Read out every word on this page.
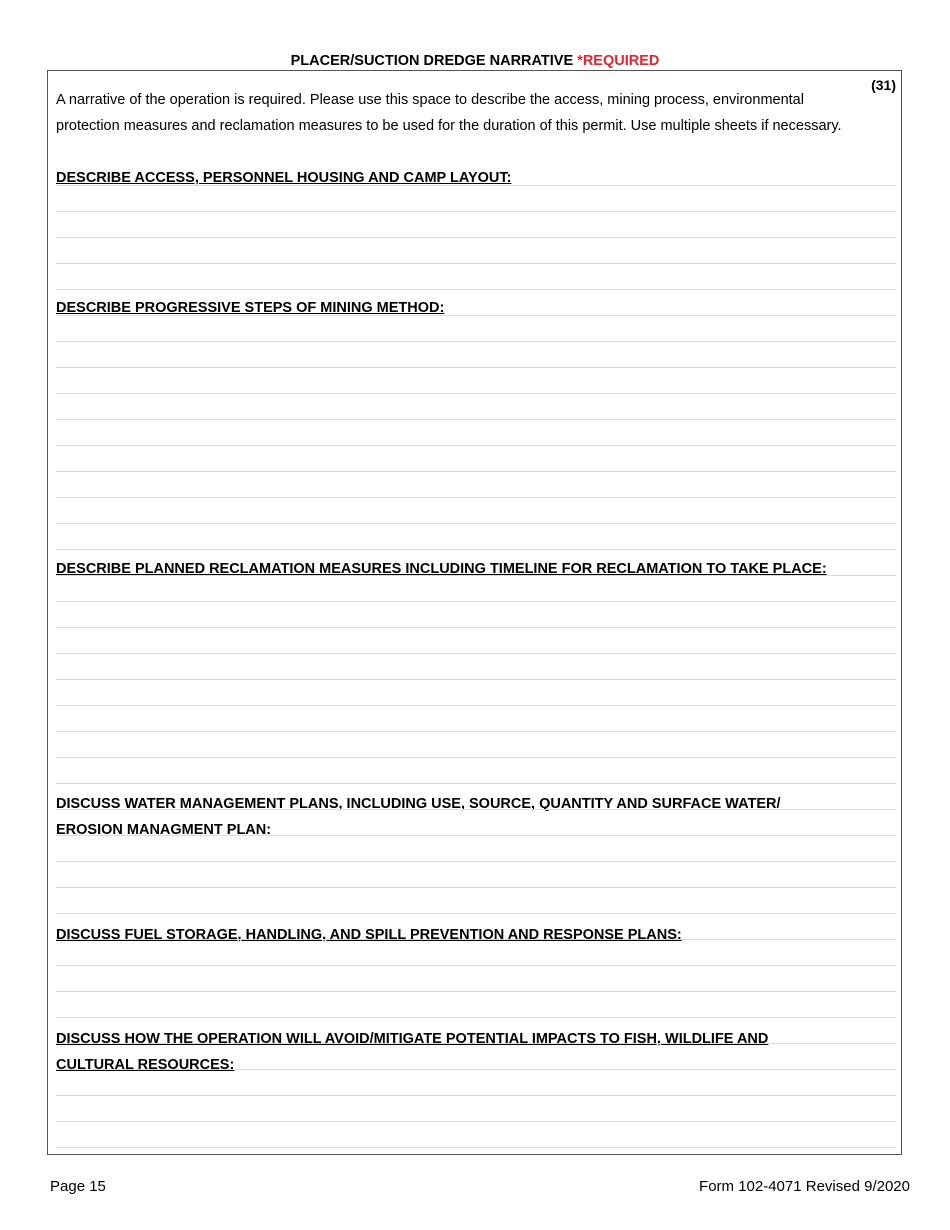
PLACER/SUCTION DREDGE NARRATIVE *REQUIRED
(31)
A narrative of the operation is required. Please use this space to describe the access, mining process, environmental protection measures and reclamation measures to be used for the duration of this permit. Use multiple sheets if necessary.
DESCRIBE ACCESS, PERSONNEL HOUSING AND CAMP LAYOUT:
DESCRIBE PROGRESSIVE STEPS OF MINING METHOD:
DESCRIBE PLANNED RECLAMATION MEASURES INCLUDING TIMELINE FOR RECLAMATION TO TAKE PLACE:
DISCUSS WATER MANAGEMENT PLANS, INCLUDING USE, SOURCE, QUANTITY AND SURFACE WATER/
EROSION MANAGMENT PLAN:
DISCUSS FUEL STORAGE, HANDLING, AND SPILL PREVENTION AND RESPONSE PLANS:
DISCUSS HOW THE OPERATION WILL AVOID/MITIGATE POTENTIAL IMPACTS TO FISH, WILDLIFE AND
CULTURAL RESOURCES:
Page 15	Form 102-4071 Revised 9/2020
